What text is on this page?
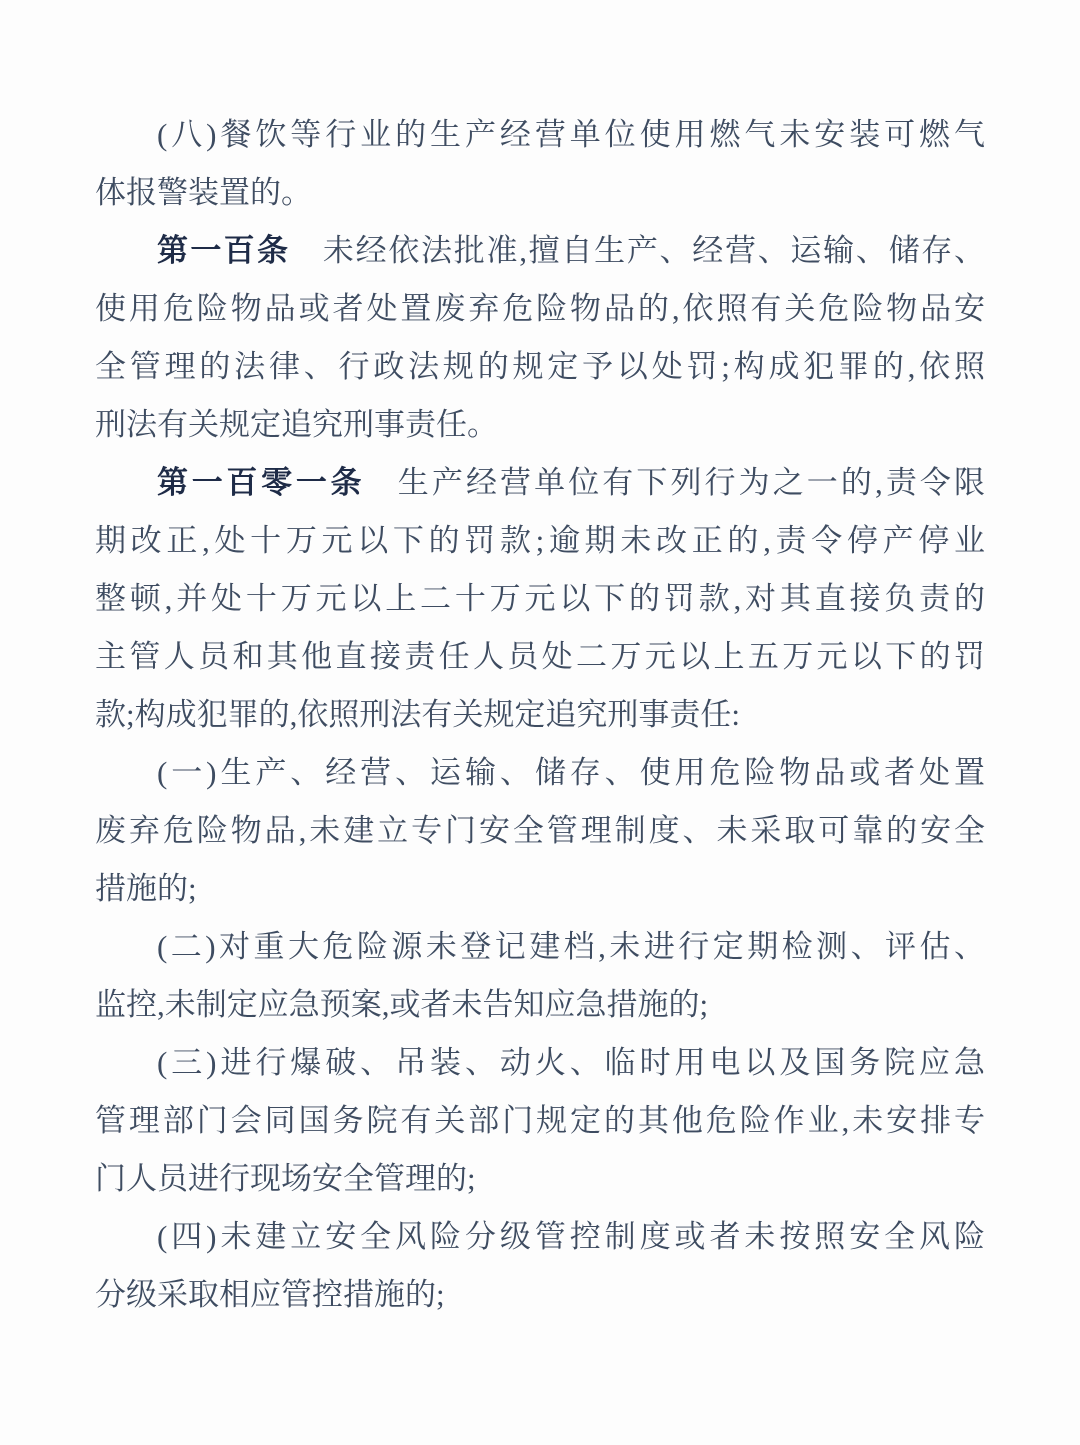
(八)餐饮等行业的生产经营单位使用燃气未安装可燃气
体报警装置的。
第一百条 未经依法批准,擅自生产、经营、运输、储存、
使用危险物品或者处置废弃危险物品的,依照有关危险物品安
全管理的法律、行政法规的规定予以处罚;构成犯罪的,依照
刑法有关规定追究刑事责任。
第一百零一条 生产经营单位有下列行为之一的,责令限
期改正,处十万元以下的罚款;逾期未改正的,责令停产停业
整顿,并处十万元以上二十万元以下的罚款,对其直接负责的
主管人员和其他直接责任人员处二万元以上五万元以下的罚
款;构成犯罪的,依照刑法有关规定追究刑事责任:
(一)生产、经营、运输、储存、使用危险物品或者处置
废弃危险物品,未建立专门安全管理制度、未采取可靠的安全
措施的;
(二)对重大危险源未登记建档,未进行定期检测、评估、
监控,未制定应急预案,或者未告知应急措施的;
(三)进行爆破、吊装、动火、临时用电以及国务院应急
管理部门会同国务院有关部门规定的其他危险作业,未安排专
门人员进行现场安全管理的;
(四)未建立安全风险分级管控制度或者未按照安全风险
分级采取相应管控措施的;
